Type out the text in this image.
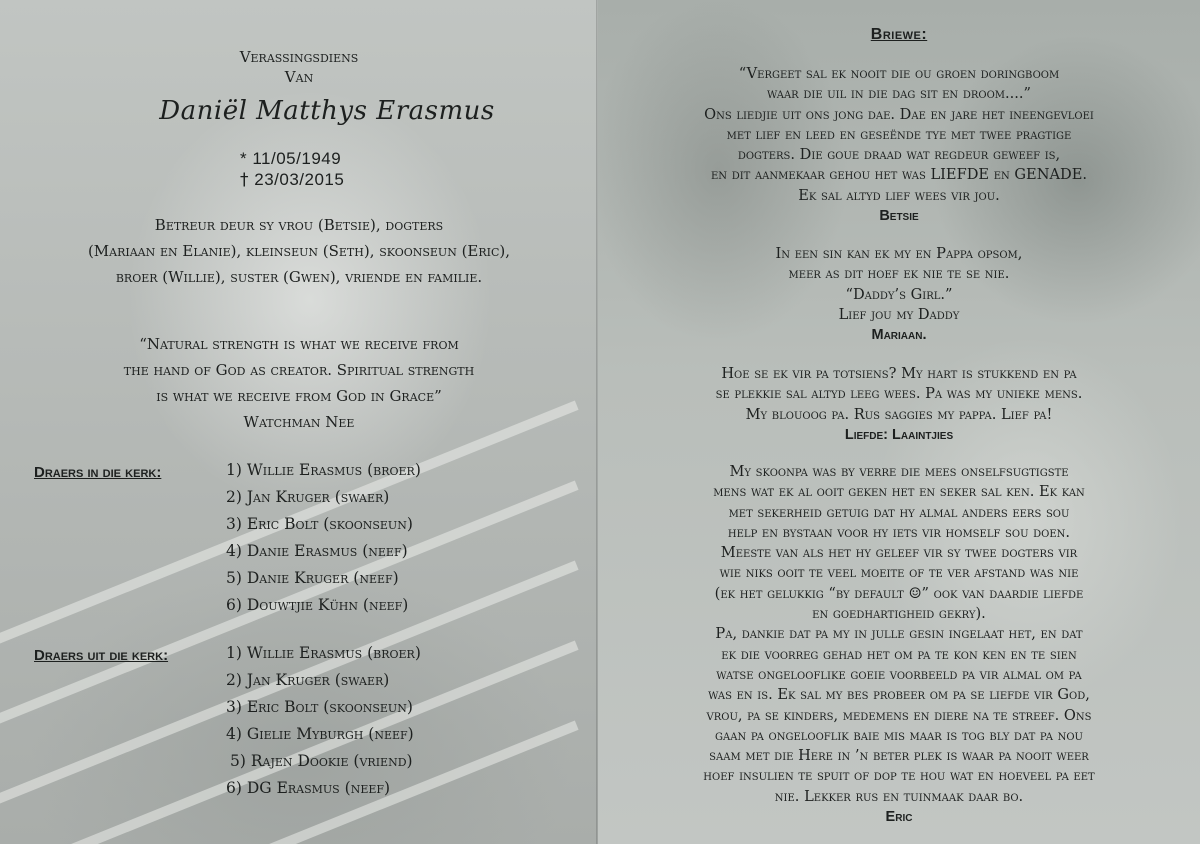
Verassingsdiens
Van
Daniël Matthys Erasmus
* 11/05/1949
† 23/03/2015
Betreur deur sy vrou (Betsie), dogters
(Mariaan en Elanie), kleinseun (Seth), skoonseun (Eric),
broer (Willie), suster (Gwen), vriende en familie.
“Natural strength is what we receive from
the hand of God as creator. Spiritual strength
is what we receive from God in Grace”
Watchman Nee
Draers in die kerk:	1) Willie Erasmus (broer)
2) Jan Kruger (swaer)
3) Eric Bolt (skoonseun)
4) Danie Erasmus (neef)
5) Danie Kruger (neef)
6) Douwtjie Kühn (neef)
Draers uit die kerk:	1) Willie Erasmus (broer)
2) Jan Kruger (swaer)
3) Eric Bolt (skoonseun)
4) Gielie Myburgh (neef)
5) Rajen Dookie (vriend)
6) DG Erasmus (neef)
Briewe:
“Vergeet sal ek nooit die ou groen doringboom
waar die uil in die dag sit en droom....”
Ons liedjie uit ons jong dae. Dae en jare het ineengevloei
met lief en leed en geseënde tye met twee pragtige
dogters. Die goue draad wat regdeur geweef is,
en dit aanmekaar gehou het was LIEFDE en GENADE.
Ek sal altyd lief wees vir jou.
Betsie
In een sin kan ek my en Pappa opsom,
meer as dit hoef ek nie te se nie.
“Daddy’s Girl.”
Lief jou my Daddy
Mariaan.
Hoe se ek vir pa totsiens? My hart is stukkend en pa
se plekkie sal altyd leeg wees. Pa was my unieke mens.
My blouoog pa. Rus saggies my pappa. Lief pa!
Liefde: Laaintjies
My skoonpa was by verre die mees onselfsugtigste
mens wat ek al ooit geken het en seker sal ken. Ek kan
met sekerheid getuig dat hy almal anders eers sou
help en bystaan voor hy iets vir homself sou doen.
Meeste van als het hy geleef vir sy twee dogters vir
wie niks ooit te veel moeite of te ver afstand was nie
(ek het gelukkig “by default ☺” ook van daardie liefde
en goedhartigheid gekry).
Pa, dankie dat pa my in julle gesin ingelaat het, en dat
ek die voorreg gehad het om pa te kon ken en te sien
watse ongelooflike goeie voorbeeld pa vir almal om pa
was en is. Ek sal my bes probeer om pa se liefde vir God,
vrou, pa se kinders, medemens en diere na te streef. Ons
gaan pa ongelooflik baie mis maar is tog bly dat pa nou
saam met die Here in ’n beter plek is waar pa nooit weer
hoef insulien te spuit of dop te hou wat en hoeveel pa eet
nie. Lekker rus en tuinmaak daar bo.
Eric
